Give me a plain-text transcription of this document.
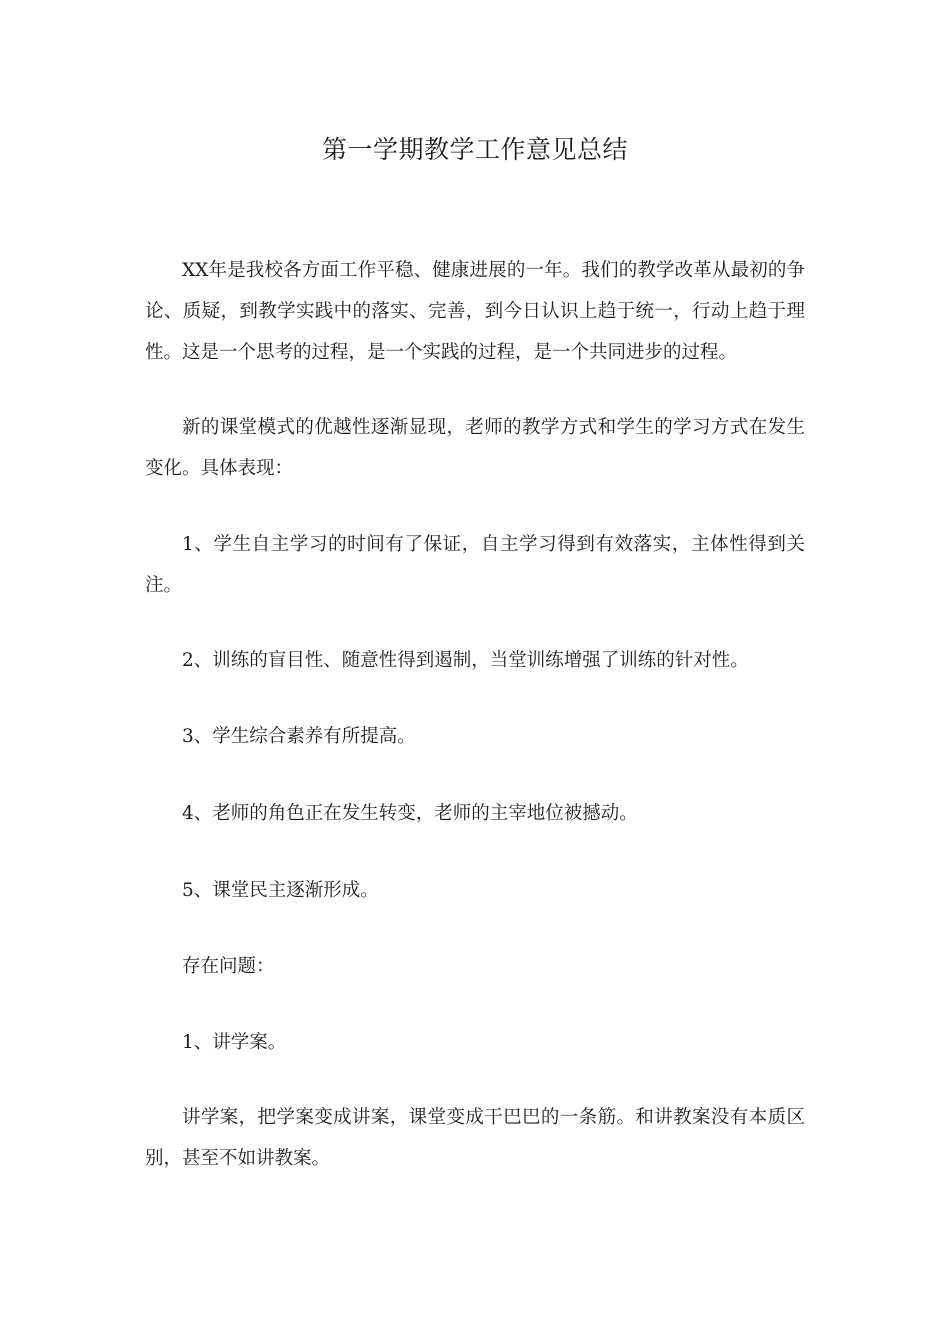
第一学期教学工作意见总结

XX年是我校各方面工作平稳、健康进展的一年。我们的教学改革从最初的争论、质疑，到教学实践中的落实、完善，到今日认识上趋于统一，行动上趋于理性。这是一个思考的过程，是一个实践的过程，是一个共同进步的过程。

新的课堂模式的优越性逐渐显现，老师的教学方式和学生的学习方式在发生变化。具体表现：

1、学生自主学习的时间有了保证，自主学习得到有效落实，主体性得到关注。

2、训练的盲目性、随意性得到遏制，当堂训练增强了训练的针对性。

3、学生综合素养有所提高。

4、老师的角色正在发生转变，老师的主宰地位被撼动。

5、课堂民主逐渐形成。

存在问题：

1、讲学案。

讲学案，把学案变成讲案，课堂变成干巴巴的一条筋。和讲教案没有本质区别，甚至不如讲教案。
